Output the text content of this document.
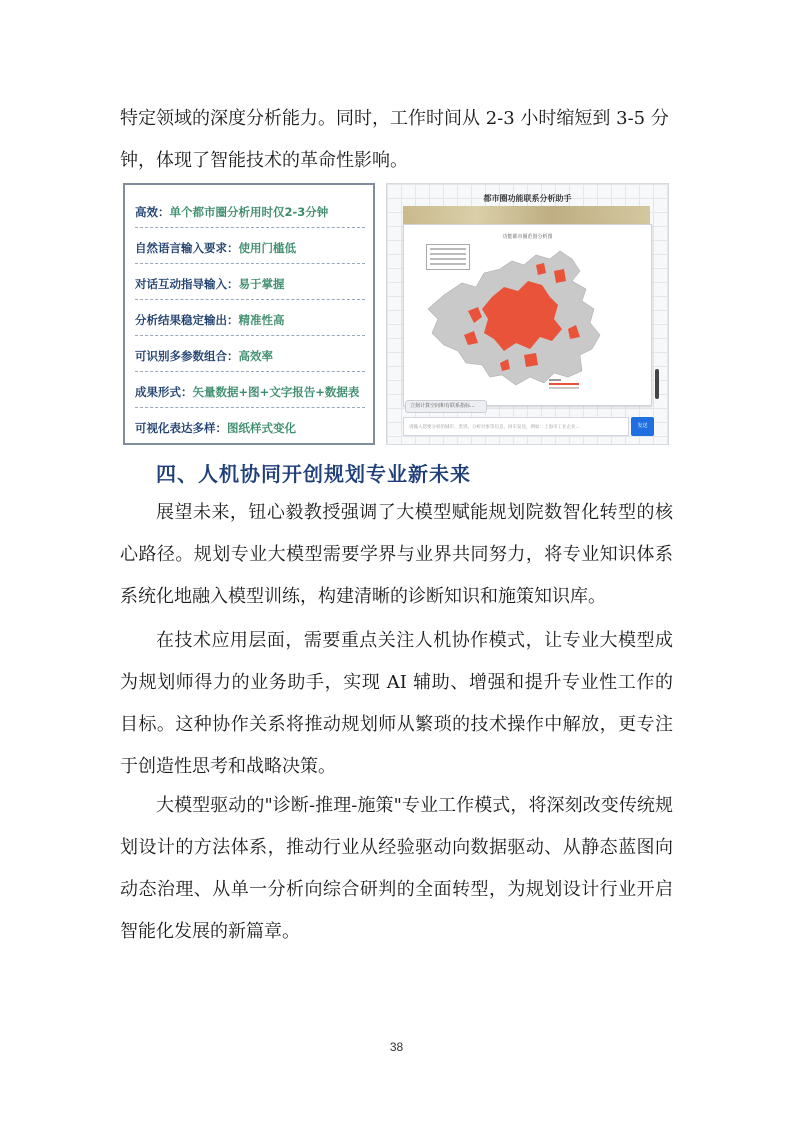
特定领域的深度分析能力。同时，工作时间从 2-3 小时缩短到 3-5 分
钟，体现了智能技术的革命性影响。
高效：单个都市圈分析用时仅2-3分钟
自然语言输入要求：使用门槛低
对话互动指导输入：易于掌握
分析结果稳定输出：精准性高
可识别多参数组合：高效率
成果形式：矢量数据+图+文字报告+数据表
可视化表达多样：图纸样式变化
都市圈功能联系分析助手
功能都市圈范围分析图
立刻计算空间和有联系指标...
请输入您要分析的城市、类别、分析对象等信息，回车发送，例如：上海市工业企业...	发送
四、人机协同开创规划专业新未来
展望未来，钮心毅教授强调了大模型赋能规划院数智化转型的核心路径。规划专业大模型需要学界与业界共同努力，将专业知识体系系统化地融入模型训练，构建清晰的诊断知识和施策知识库。
在技术应用层面，需要重点关注人机协作模式，让专业大模型成为规划师得力的业务助手，实现 AI 辅助、增强和提升专业性工作的目标。这种协作关系将推动规划师从繁琐的技术操作中解放，更专注于创造性思考和战略决策。
大模型驱动的"诊断-推理-施策"专业工作模式，将深刻改变传统规划设计的方法体系，推动行业从经验驱动向数据驱动、从静态蓝图向动态治理、从单一分析向综合研判的全面转型，为规划设计行业开启智能化发展的新篇章。
38
